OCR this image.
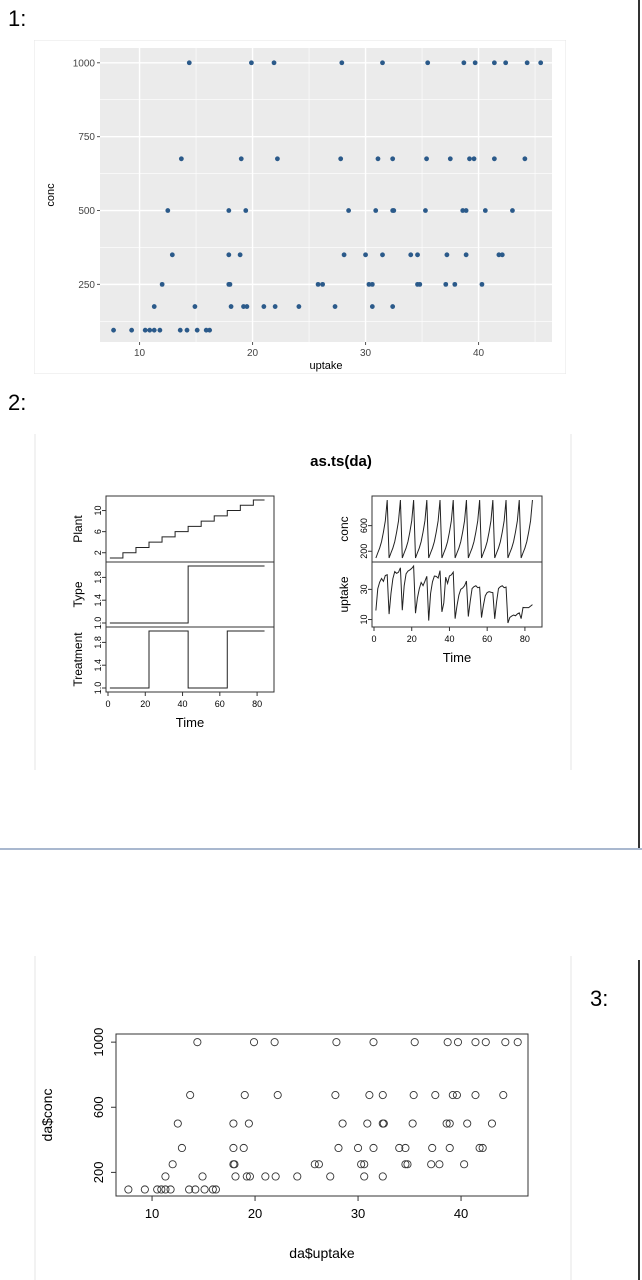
1:
2:
3:
10	20	30	40
250
500
750
1000
uptake
conc
as.ts(da)
2
6
10
Plant
1.0
1.4
1.8
Type
1.0
1.4
1.8
Treatment
0	20	40	60	80
Time
200
600
conc
10
30
uptake
0	20	40	60	80
Time
10	20	30	40
200
600
1000
da$uptake
da$conc
